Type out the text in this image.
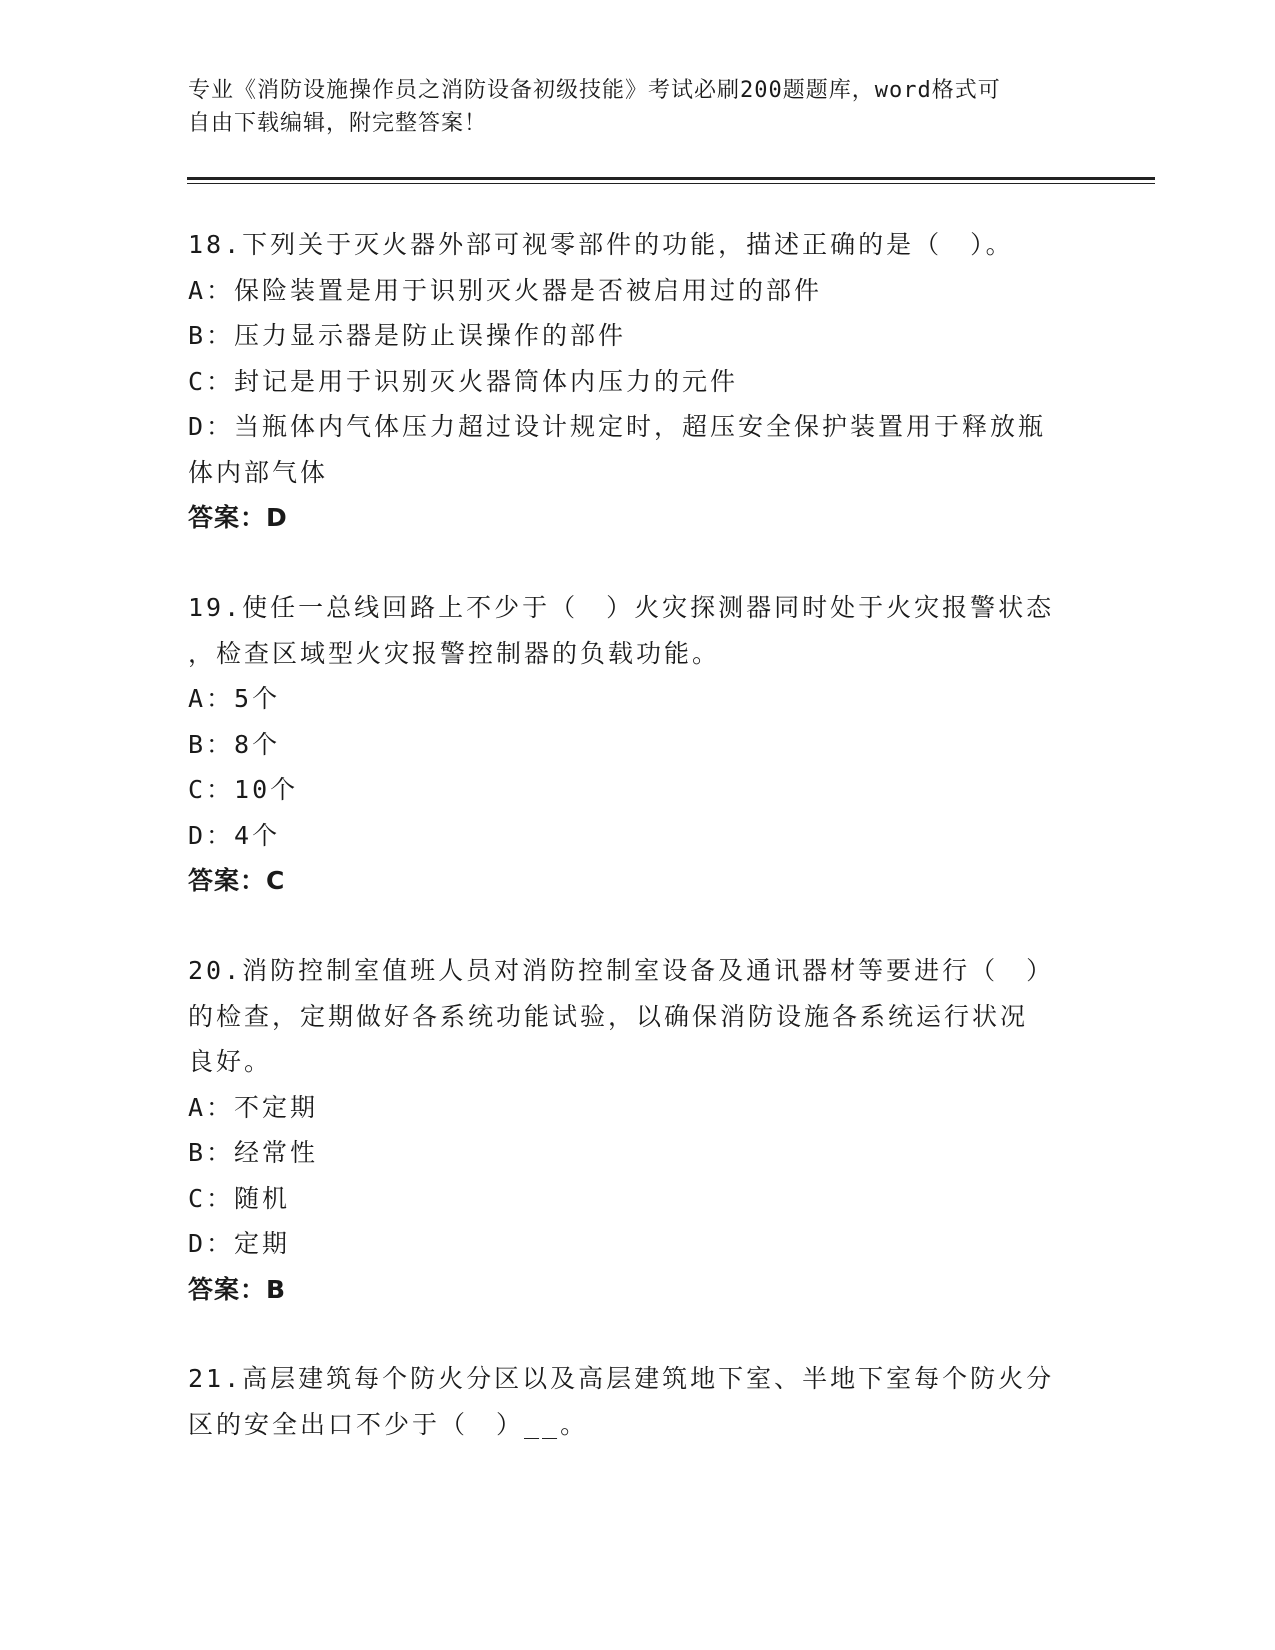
专业《消防设施操作员之消防设备初级技能》考试必刷200题题库，word格式可
自由下载编辑，附完整答案！
18.下列关于灭火器外部可视零部件的功能，描述正确的是（　）。
A：保险装置是用于识别灭火器是否被启用过的部件
B：压力显示器是防止误操作的部件
C：封记是用于识别灭火器筒体内压力的元件
D：当瓶体内气体压力超过设计规定时，超压安全保护装置用于释放瓶
体内部气体
答案：D
19.使任一总线回路上不少于（　）火灾探测器同时处于火灾报警状态
，检查区域型火灾报警控制器的负载功能。
A：5个
B：8个
C：10个
D：4个
答案：C
20.消防控制室值班人员对消防控制室设备及通讯器材等要进行（　）
的检查，定期做好各系统功能试验，以确保消防设施各系统运行状况
良好。
A：不定期
B：经常性
C：随机
D：定期
答案：B
21.高层建筑每个防火分区以及高层建筑地下室、半地下室每个防火分
区的安全出口不少于（　）__。
